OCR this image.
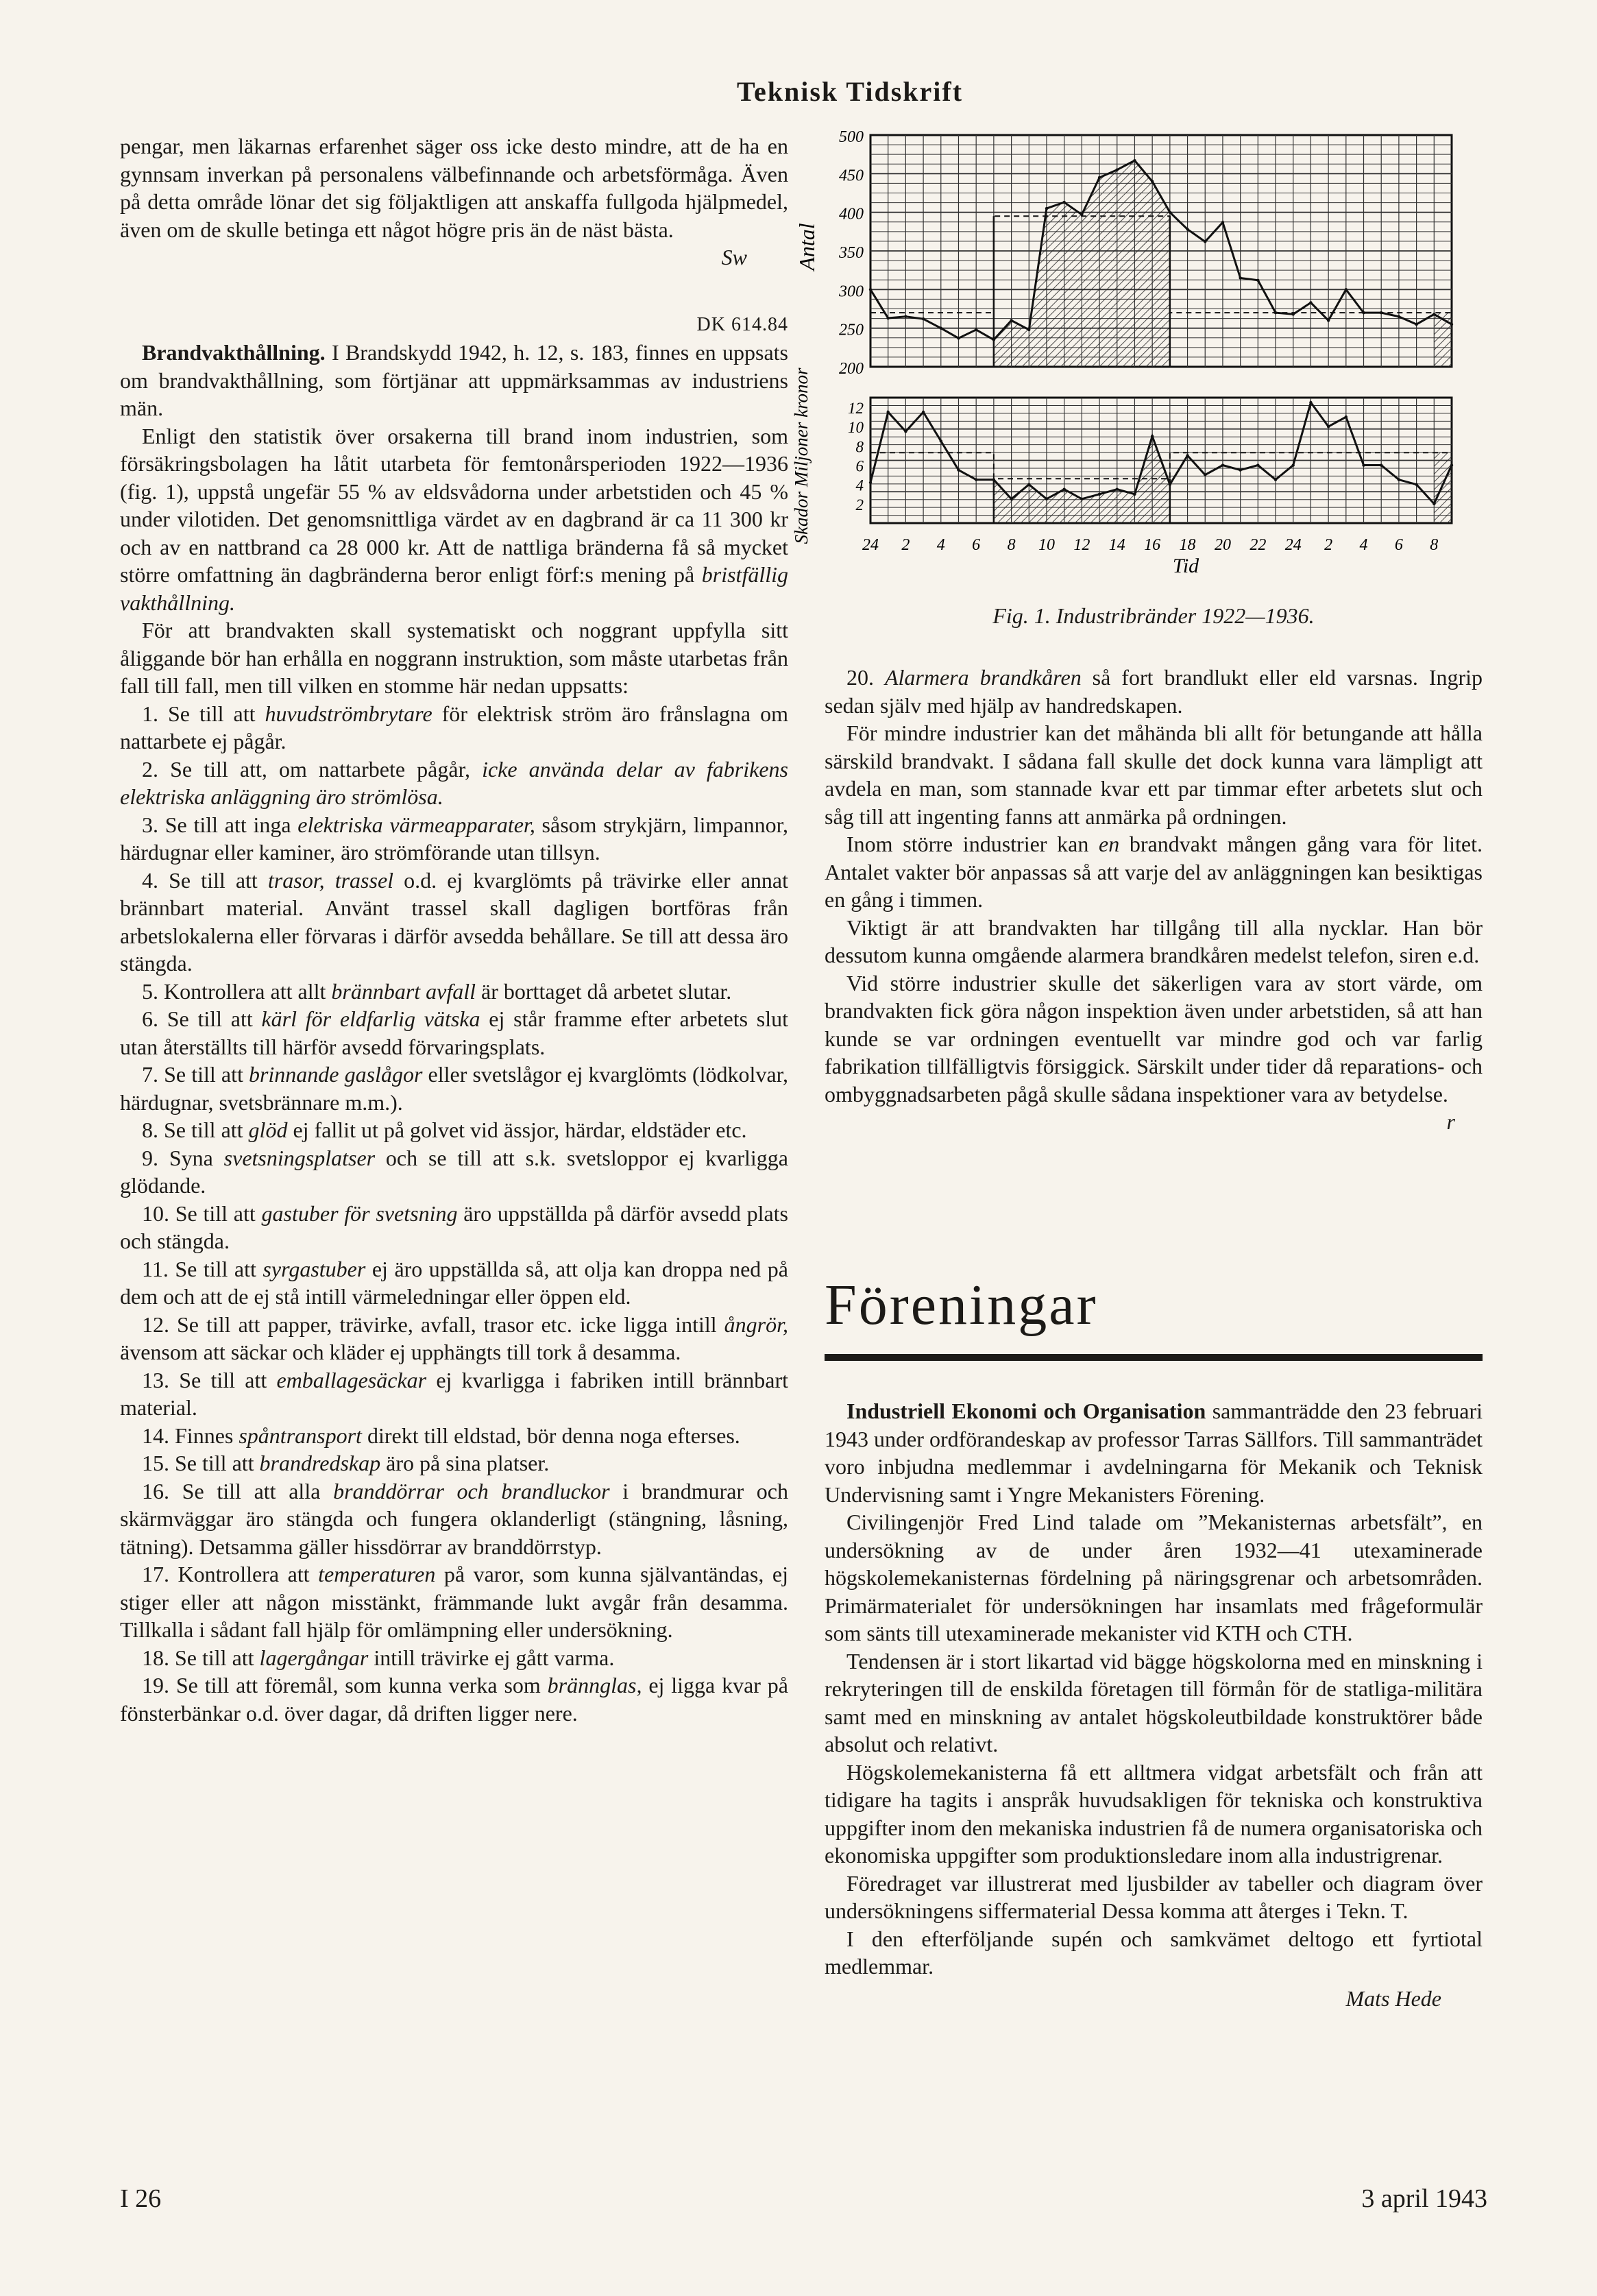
Teknisk Tidskrift

pengar, men läkarnas erfarenhet säger oss icke desto mindre, att de ha en gynnsam inverkan på personalens välbefinnande och arbetsförmåga. Även på detta område lönar det sig följaktligen att anskaffa fullgoda hjälpmedel, även om de skulle betinga ett något högre pris än de näst bästa.

Sw
DK 614.84

Brandvakthållning. I Brandskydd 1942, h. 12, s. 183, finnes en uppsats om brandvakthållning, som förtjänar att uppmärksammas av industriens män.

Enligt den statistik över orsakerna till brand inom industrien, som försäkringsbolagen ha låtit utarbeta för femtonårsperioden 1922—1936 (fig. 1), uppstå ungefär 55 % av eldsvådorna under arbetstiden och 45 % under vilotiden. Det genomsnittliga värdet av en dagbrand är ca 11 300 kr och av en nattbrand ca 28 000 kr. Att de nattliga bränderna få så mycket större omfattning än dagbränderna beror enligt förf:s mening på bristfällig vakthållning.

För att brandvakten skall systematiskt och noggrant uppfylla sitt åliggande bör han erhålla en noggrann instruktion, som måste utarbetas från fall till fall, men till vilken en stomme här nedan uppsatts:

1. Se till att huvudströmbrytare för elektrisk ström äro frånslagna om nattarbete ej pågår.

2. Se till att, om nattarbete pågår, icke använda delar av fabrikens elektriska anläggning äro strömlösa.

3. Se till att inga elektriska värmeapparater, såsom strykjärn, limpannor, härdugnar eller kaminer, äro strömförande utan tillsyn.

4. Se till att trasor, trassel o.d. ej kvarglömts på trävirke eller annat brännbart material. Använt trassel skall dagligen bortföras från arbetslokalerna eller förvaras i därför avsedda behållare. Se till att dessa äro stängda.

5. Kontrollera att allt brännbart avfall är borttaget då arbetet slutar.

6. Se till att kärl för eldfarlig vätska ej står framme efter arbetets slut utan återställts till härför avsedd förvaringsplats.

7. Se till att brinnande gaslågor eller svetslågor ej kvarglömts (lödkolvar, härdugnar, svetsbrännare m.m.).

8. Se till att glöd ej fallit ut på golvet vid ässjor, härdar, eldstäder etc.

9. Syna svetsningsplatser och se till att s.k. svetsloppor ej kvarligga glödande.

10. Se till att gastuber för svetsning äro uppställda på därför avsedd plats och stängda.

11. Se till att syrgastuber ej äro uppställda så, att olja kan droppa ned på dem och att de ej stå intill värmeledningar eller öppen eld.

12. Se till att papper, trävirke, avfall, trasor etc. icke ligga intill ångrör, ävensom att säckar och kläder ej upphängts till tork å desamma.

13. Se till att emballagesäckar ej kvarligga i fabriken intill brännbart material.

14. Finnes spåntransport direkt till eldstad, bör denna noga efterses.

15. Se till att brandredskap äro på sina platser.

16. Se till att alla branddörrar och brandluckor i brandmurar och skärmväggar äro stängda och fungera oklanderligt (stängning, låsning, tätning). Detsamma gäller hissdörrar av branddörrstyp.

17. Kontrollera att temperaturen på varor, som kunna självantändas, ej stiger eller att någon misstänkt, främmande lukt avgår från desamma. Tillkalla i sådant fall hjälp för omlämpning eller undersökning.

18. Se till att lagergångar intill trävirke ej gått varma.

19. Se till att föremål, som kunna verka som brännglas, ej ligga kvar på fönsterbänkar o.d. över dagar, då driften ligger nere.

500
450
400
350
300
250
200
12
10
8
6
4
2
24 2 4 6 8 10 12 14 16 18 20 22 24 2 4 6 8
Antal
Skador Miljoner kronor
Tid
Fig. 1. Industribränder 1922—1936.

20. Alarmera brandkåren så fort brandlukt eller eld varsnas. Ingrip sedan själv med hjälp av handredskapen.

För mindre industrier kan det måhända bli allt för betungande att hålla särskild brandvakt. I sådana fall skulle det dock kunna vara lämpligt att avdela en man, som stannade kvar ett par timmar efter arbetets slut och såg till att ingenting fanns att anmärka på ordningen.

Inom större industrier kan en brandvakt mången gång vara för litet. Antalet vakter bör anpassas så att varje del av anläggningen kan besiktigas en gång i timmen.

Viktigt är att brandvakten har tillgång till alla nycklar. Han bör dessutom kunna omgående alarmera brandkåren medelst telefon, siren e.d.

Vid större industrier skulle det säkerligen vara av stort värde, om brandvakten fick göra någon inspektion även under arbetstiden, så att han kunde se var ordningen eventuellt var mindre god och var farlig fabrikation tillfälligtvis försiggick. Särskilt under tider då reparations- och ombyggnadsarbeten pågå skulle sådana inspektioner vara av betydelse.
r

Föreningar

Industriell Ekonomi och Organisation sammanträdde den 23 februari 1943 under ordförandeskap av professor Tarras Sällfors. Till sammanträdet voro inbjudna medlemmar i avdelningarna för Mekanik och Teknisk Undervisning samt i Yngre Mekanisters Förening.

Civilingenjör Fred Lind talade om ”Mekanisternas arbetsfält”, en undersökning av de under åren 1932—41 utexaminerade högskolemekanisternas fördelning på näringsgrenar och arbetsområden. Primärmaterialet för undersökningen har insamlats med frågeformulär som sänts till utexaminerade mekanister vid KTH och CTH.

Tendensen är i stort likartad vid bägge högskolorna med en minskning i rekryteringen till de enskilda företagen till förmån för de statliga-militära samt med en minskning av antalet högskoleutbildade konstruktörer både absolut och relativt.

Högskolemekanisterna få ett alltmera vidgat arbetsfält och från att tidigare ha tagits i anspråk huvudsakligen för tekniska och konstruktiva uppgifter inom den mekaniska industrien få de numera organisatoriska och ekonomiska uppgifter som produktionsledare inom alla industrigrenar.

Föredraget var illustrerat med ljusbilder av tabeller och diagram över undersökningens siffermaterial Dessa komma att återges i Tekn. T.

I den efterföljande supén och samkvämet deltogo ett fyrtiotal medlemmar.

Mats Hede
I 26	3 april 1943
